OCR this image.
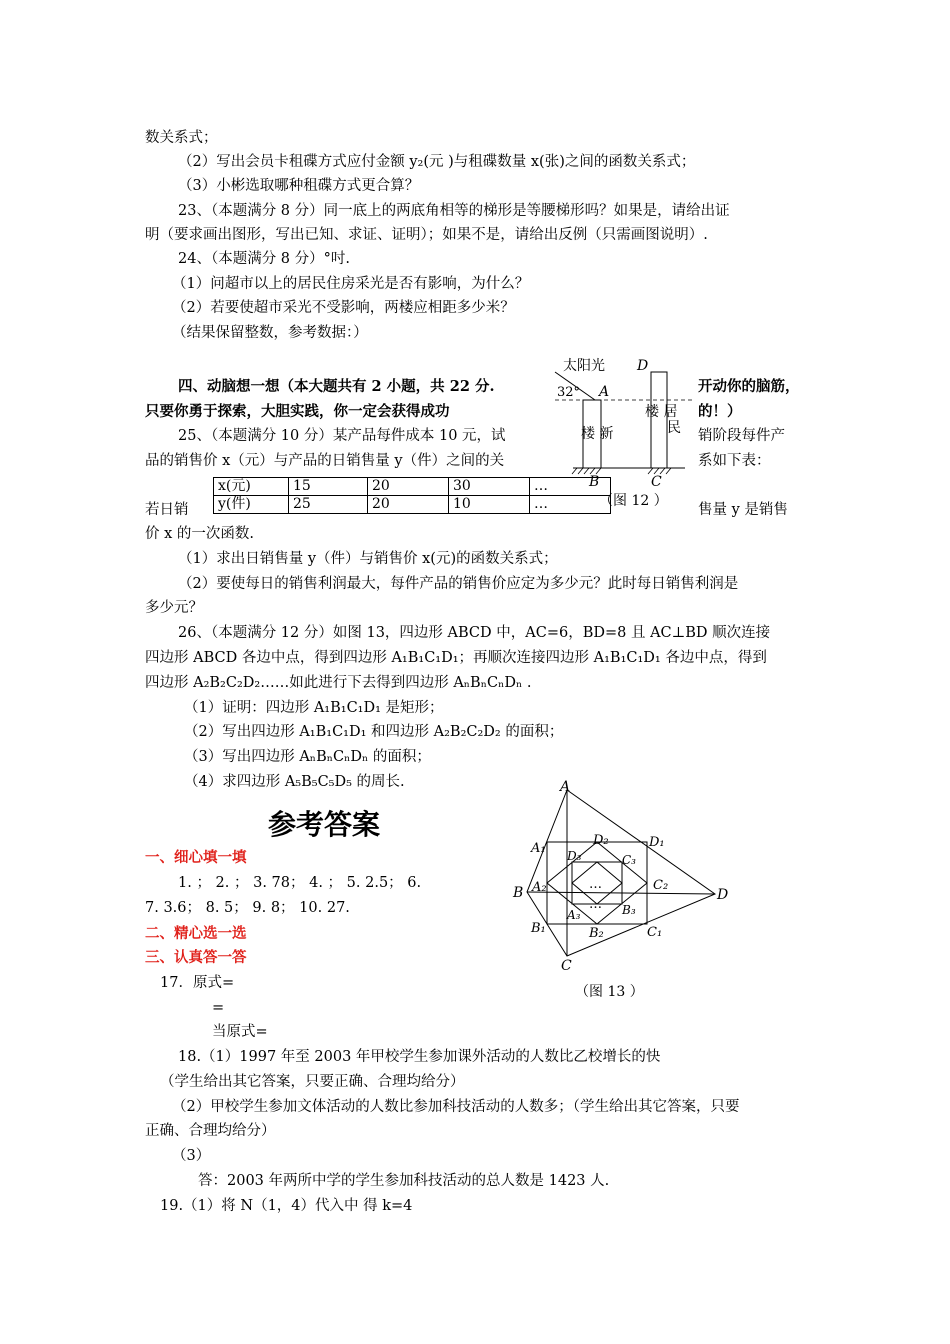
数关系式；
（2）写出会员卡租碟方式应付金额 y₂(元 )与租碟数量 x(张)之间的函数关系式；
（3）小彬选取哪种租碟方式更合算？
23、（本题满分 8 分）同一底上的两底角相等的梯形是等腰梯形吗？如果是，请给出证
明（要求画出图形，写出已知、求证、证明）；如果不是，请给出反例（只需画图说明）.
24、（本题满分 8 分）°吋.
（1）问超市以上的居民住房采光是否有影响，为什么？
（2）若要使超市采光不受影响，两楼应相距多少米？
（结果保留整数，参考数据：）
四、动脑想一想（本大题共有 2 小题，共 22 分.	开动你的脑筋，
只要你勇于探索，大胆实践，你一定会获得成功	的！）
25、（本题满分 10 分）某产品每件成本 10 元，试	销阶段每件产
品的销售价 x（元）与产品的日销售量 y（件）之间的关	系如下表：
若日销	售量 y 是销售
价 x 的一次函数.
（1）求出日销售量 y（件）与销售价 x(元)的函数关系式；
（2）要使每日的销售利润最大，每件产品的销售价应定为多少元？此时每日销售利润是
多少元？
x(元)	15	20	30	…
y(件)	25	20	10	…
太阳光 D
32° A
楼 新
楼 居
民
B	C
（图 12 ）
26、（本题满分 12 分）如图 13，四边形 ABCD 中，AC=6，BD=8 且 AC⊥BD 顺次连接
四边形 ABCD 各边中点，得到四边形 A₁B₁C₁D₁；再顺次连接四边形 A₁B₁C₁D₁ 各边中点，得到
四边形 A₂B₂C₂D₂……如此进行下去得到四边形 AₙBₙCₙDₙ .
（1）证明：四边形 A₁B₁C₁D₁ 是矩形；
（2）写出四边形 A₁B₁C₁D₁ 和四边形 A₂B₂C₂D₂ 的面积；
（3）写出四边形 AₙBₙCₙDₙ 的面积；
（4）求四边形 A₅B₅C₅D₅ 的周长.	A
B
C
D
A₁
B₁	C₁
D₁
A₂
B₂
C₂
D₂
A₃	B₃
C₃
D₃
…
…
（图 13 ）
参考答案
一、细心填一填
1. ； 2. ； 3. 78； 4. ； 5. 2.5； 6.
7. 3.6； 8. 5； 9. 8； 10. 27.
二、精心选一选
三、认真答一答
17．原式=
=
当原式=
18.（1）1997 年至 2003 年甲校学生参加课外活动的人数比乙校增长的快
（学生给出其它答案，只要正确、合理均给分）
（2）甲校学生参加文体活动的人数比参加科技活动的人数多；（学生给出其它答案，只要
正确、合理均给分）
（3）
答：2003 年两所中学的学生参加科技活动的总人数是 1423 人.
19.（1）将 N（1，4）代入中 得 k=4
